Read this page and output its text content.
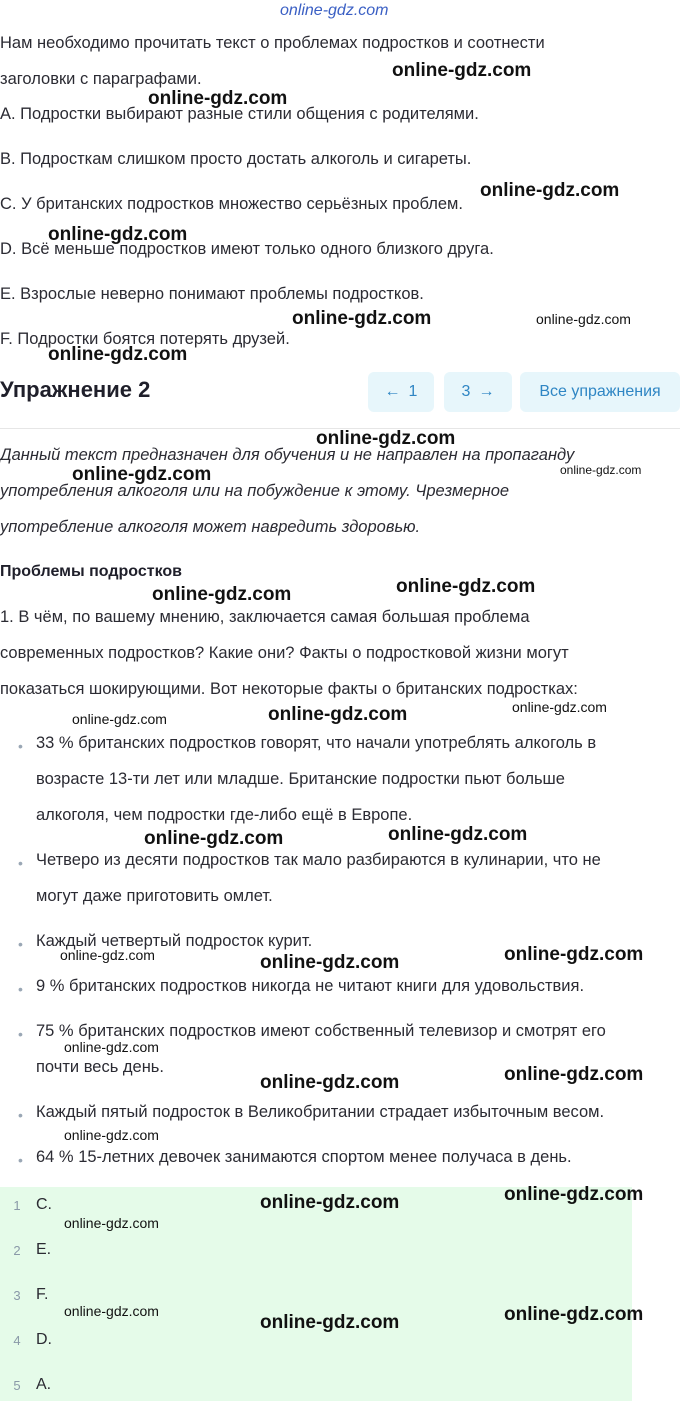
online-gdz.com

Нам необходимо прочитать текст о проблемах подростков и соотнести

заголовки с параграфами.

A. Подростки выбирают разные стили общения с родителями.

B. Подросткам слишком просто достать алкоголь и сигареты.

C. У британских подростков множество серьёзных проблем.

D. Всё меньше подростков имеют только одного близкого друга.

E. Взрослые неверно понимают проблемы подростков.

F. Подростки боятся потерять друзей.

Упражнение 2	← 1	3 →	Все упражнения

Данный текст предназначен для обучения и не направлен на пропаганду

употребления алкоголя или на побуждение к этому. Чрезмерное

употребление алкоголя может навредить здоровью.

Проблемы подростков

1. В чём, по вашему мнению, заключается самая большая проблема

современных подростков? Какие они? Факты о подростковой жизни могут

показаться шокирующими. Вот некоторые факты о британских подростках:

• 33 % британских подростков говорят, что начали употреблять алкоголь в

возрасте 13-ти лет или младше. Британские подростки пьют больше

алкоголя, чем подростки где-либо ещё в Европе.

• Четверо из десяти подростков так мало разбираются в кулинарии, что не

могут даже приготовить омлет.

• Каждый четвертый подросток курит.

• 9 % британских подростков никогда не читают книги для удовольствия.

• 75 % британских подростков имеют собственный телевизор и смотрят его

почти весь день.

• Каждый пятый подросток в Великобритании страдает избыточным весом.

• 64 % 15-летних девочек занимаются спортом менее получаса в день.

1 C.
2 E.
3 F.
4 D.
5 A.
online-gdz.com
online-gdz.com
online-gdz.com
online-gdz.com
online-gdz.com	online-gdz.com
online-gdz.com
online-gdz.com
online-gdz.com	online-gdz.com
online-gdz.com
online-gdz.com
online-gdz.com	online-gdz.com	online-gdz.com
online-gdz.com	online-gdz.com
online-gdz.com	online-gdz.com	online-gdz.com
online-gdz.com
online-gdz.com	online-gdz.com
online-gdz.com
online-gdz.com	online-gdz.com
online-gdz.com
online-gdz.com
online-gdz.com	online-gdz.com
